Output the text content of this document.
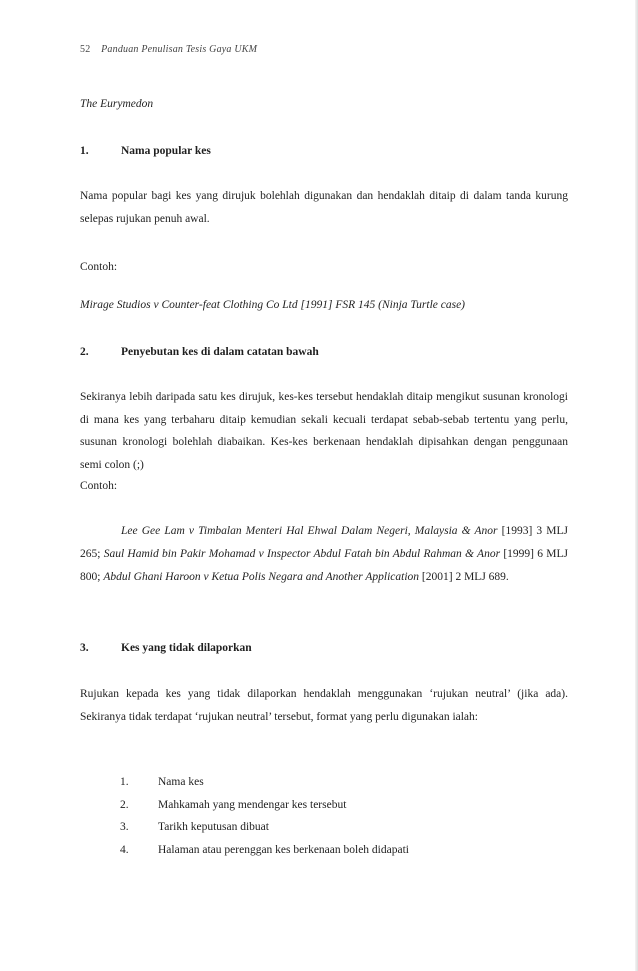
52 Panduan Penulisan Tesis Gaya UKM
The Eurymedon
1.	Nama popular kes
Nama popular bagi kes yang dirujuk bolehlah digunakan dan hendaklah ditaip di dalam tanda kurung selepas rujukan penuh awal.
Contoh:
Mirage Studios v Counter-feat Clothing Co Ltd [1991] FSR 145 (Ninja Turtle case)
2.	Penyebutan kes di dalam catatan bawah
Sekiranya lebih daripada satu kes dirujuk, kes-kes tersebut hendaklah ditaip mengikut susunan kronologi di mana kes yang terbaharu ditaip kemudian sekali kecuali terdapat sebab-sebab tertentu yang perlu, susunan kronologi bolehlah diabaikan. Kes-kes berkenaan hendaklah dipisahkan dengan penggunaan semi colon (;)
Contoh:
Lee Gee Lam v Timbalan Menteri Hal Ehwal Dalam Negeri, Malaysia & Anor [1993] 3 MLJ 265; Saul Hamid bin Pakir Mohamad v Inspector Abdul Fatah bin Abdul Rahman & Anor [1999] 6 MLJ 800; Abdul Ghani Haroon v Ketua Polis Negara and Another Application [2001] 2 MLJ 689.
3.	Kes yang tidak dilaporkan
Rujukan kepada kes yang tidak dilaporkan hendaklah menggunakan ‘rujukan neutral’ (jika ada). Sekiranya tidak terdapat ‘rujukan neutral’ tersebut, format yang perlu digunakan ialah:
1.	Nama kes
2.	Mahkamah yang mendengar kes tersebut
3.	Tarikh keputusan dibuat
4.	Halaman atau perenggan kes berkenaan boleh didapati
